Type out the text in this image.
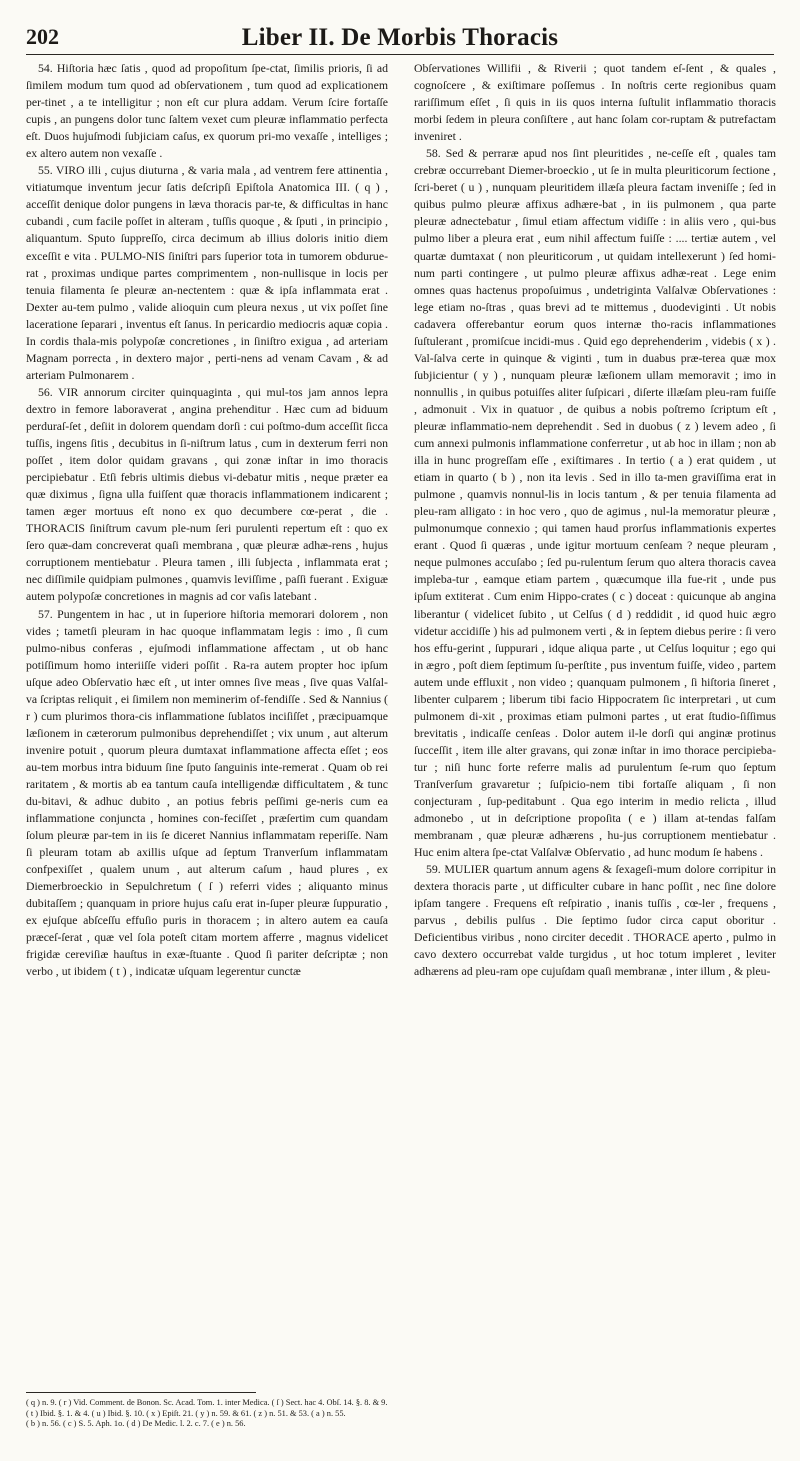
202	Liber II. De Morbis Thoracis

54. Hiſtoria hæc ſatis , quod ad propoſitum ſpe-ctat, ſimilis prioris, ſi ad ſimilem modum tum quod ad obſervationem , tum quod ad explicationem per-tinet , a te intelligitur ; non eſt cur plura addam. Verum ſcire fortaſſe cupis , an pungens dolor tunc ſaltem vexet cum pleuræ inflammatio perfecta eſt. Duos hujuſmodi ſubjiciam caſus, ex quorum pri-mo vexaſſe , intelliges ; ex altero autem non vexaſſe .

55. VIRO illi , cujus diuturna , & varia mala , ad ventrem fere attinentia , vitiatumque inventum jecur ſatis deſcripſi Epiſtola Anatomica III. ( q ) , acceſſit denique dolor pungens in læva thoracis par-te, & difficultas in hanc cubandi , cum facile poſſet in alteram , tuſſis quoque , & ſputi , in principio , aliquantum. Sputo ſuppreſſo, circa decimum ab illius doloris initio diem exceſſit e vita . PULMO-NIS ſiniſtri pars ſuperior tota in tumorem obdurue-rat , proximas undique partes comprimentem , non-nullisque in locis per tenuia filamenta ſe pleuræ an-nectentem : quæ & ipſa inflammata erat . Dexter au-tem pulmo , valide alioquin cum pleura nexus , ut vix poſſet ſine laceratione ſeparari , inventus eſt ſanus. In pericardio mediocris aquæ copia . In cordis thala-mis polypoſæ concretiones , in ſiniſtro exigua , ad arteriam Magnam porrecta , in dextero major , perti-nens ad venam Cavam , & ad arteriam Pulmonarem .

56. VIR annorum circiter quinquaginta , qui mul-tos jam annos lepra dextro in femore laboraverat , angina prehenditur . Hæc cum ad biduum perduraſ-ſet , deſiit in dolorem quendam dorſi : cui poſtmo-dum acceſſit ſicca tuſſis, ingens ſitis , decubitus in ſi-niſtrum latus , cum in dexterum ferri non poſſet , item dolor quidam gravans , qui zonæ inſtar in imo thoracis percipiebatur . Etſi febris ultimis diebus vi-debatur mitis , neque præter ea quæ diximus , ſigna ulla fuiſſent quæ thoracis inflammationem indicarent ; tamen æger mortuus eſt nono ex quo decumbere cœ-perat , die . THORACIS ſiniſtrum cavum ple-num ſeri purulenti repertum eſt : quo ex ſero quæ-dam concreverat quaſi membrana , quæ pleuræ adhæ-rens , hujus corruptionem mentiebatur . Pleura tamen , illi ſubjecta , inflammata erat ; nec diſſimile quidpiam pulmones , quamvis leviſſime , paſſi fuerant . Exiguæ autem polypoſæ concretiones in magnis ad cor vaſis latebant .

57. Pungentem in hac , ut in ſuperiore hiſtoria memorari dolorem , non vides ; tametſi pleuram in hac quoque inflammatam legis : imo , ſi cum pulmo-nibus conferas , ejuſmodi inflammatione affectam , ut ob hanc potiſſimum homo interiiſſe videri poſſit . Ra-ra autem propter hoc ipſum uſque adeo Obſervatio hæc eſt , ut inter omnes ſive meas , ſive quas Valſal-va ſcriptas reliquit , ei ſimilem non meminerim of-fendiſſe . Sed & Nannius ( r ) cum plurimos thora-cis inflammatione ſublatos inciſiſſet , præcipuamque læſionem in cæterorum pulmonibus deprehendiſſet ; vix unum , aut alterum invenire potuit , quorum pleura dumtaxat inflammatione affecta eſſet ; eos au-tem morbus intra biduum ſine ſputo ſanguinis inte-remerat . Quam ob rei raritatem , & mortis ab ea tantum cauſa intelligendæ difficultatem , & tunc du-bitavi, & adhuc dubito , an potius febris peſſimi ge-neris cum ea inflammatione conjuncta , homines con-feciſſet , præſertim cum quandam ſolum pleuræ par-tem in iis ſe diceret Nannius inflammatam reperiſſe. Nam ſi pleuram totam ab axillis uſque ad ſeptum Tranverſum inflammatam confpexiſſet , qualem unum , aut alterum caſum , haud plures , ex Diemerbroeckio in Sepulchretum ( ſ ) referri vides ; aliquanto minus dubitaſſem ; quanquam in priore hujus caſu erat in-ſuper pleuræ ſuppuratio , ex ejuſque abſceſſu effuſio puris in thoracem ; in altero autem ea cauſa præceſ-ſerat , quæ vel ſola poteſt citam mortem afferre , magnus videlicet frigidæ cereviſiæ hauſtus in exæ-ſtuante . Quod ſi pariter deſcriptæ ; non verbo , ut ibidem ( t ) , indicatæ uſquam legerentur cunctæ

Obſervationes Willifii , & Riverii ; quot tandem eſ-ſent , & quales , cognoſcere , & exiſtimare poſſemus . In noſtris certe regionibus quam rariſſimum eſſet , ſi quis in iis quos interna ſuſtulit inflammatio thoracis morbi ſedem in pleura conſiſtere , aut hanc ſolam cor-ruptam & putrefactam inveniret .

58. Sed & perraræ apud nos ſint pleuritides , ne-ceſſe eſt , quales tam crebræ occurrebant Diemer-broeckio , ut ſe in multa pleuriticorum ſectione , ſcri-beret ( u ) , nunquam pleuritidem illæſa pleura factam inveniſſe ; ſed in quibus pulmo pleuræ affixus adhære-bat , in iis pulmonem , qua parte pleuræ adnectebatur , ſimul etiam affectum vidiſſe : in aliis vero , qui-bus pulmo liber a pleura erat , eum nihil affectum fuiſſe : .... tertiæ autem , vel quartæ dumtaxat ( non pleuriticorum , ut quidam intellexerunt ) ſed homi-num parti contingere , ut pulmo pleuræ affixus adhæ-reat . Lege enim omnes quas hactenus propoſuimus , undetriginta Valſalvæ Obſervationes : lege etiam no-ſtras , quas brevi ad te mittemus , duodeviginti . Ut nobis cadavera offerebantur eorum quos internæ tho-racis inflammationes ſuſtulerant , promiſcue incidi-mus . Quid ego deprehenderim , videbis ( x ) . Val-ſalva certe in quinque & viginti , tum in duabus præ-terea quæ mox ſubjicientur ( y ) , nunquam pleuræ læſionem ullam memoravit ; imo in nonnullis , in quibus potuiſſes aliter ſuſpicari , diſerte illæſam pleu-ram fuiſſe , admonuit . Vix in quatuor , de quibus a nobis poſtremo ſcriptum eſt , pleuræ inflammatio-nem deprehendit . Sed in duobus ( z ) levem adeo , ſi cum annexi pulmonis inflammatione conferretur , ut ab hoc in illam ; non ab illa in hunc progreſſam eſſe , exiſtimares . In tertio ( a ) erat quidem , ut etiam in quarto ( b ) , non ita levis . Sed in illo ta-men graviſſima erat in pulmone , quamvis nonnul-lis in locis tantum , & per tenuia filamenta ad pleu-ram alligato : in hoc vero , quo de agimus , nul-la memoratur pleuræ , pulmonumque connexio ; qui tamen haud prorſus inflammationis expertes erant . Quod ſi quæras , unde igitur mortuum cenſeam ? neque pleuram , neque pulmones accuſabo ; ſed pu-rulentum ſerum quo altera thoracis cavea impleba-tur , eamque etiam partem , quæcumque illa fue-rit , unde pus ipſum extiterat . Cum enim Hippo-crates ( c ) doceat : quicunque ab angina liberantur ( videlicet ſubito , ut Celſus ( d ) reddidit , id quod huic ægro videtur accidiſſe ) his ad pulmonem verti , & in ſeptem diebus perire : ſi vero hos effu-gerint , ſuppurari , idque aliqua parte , ut Celſus loquitur ; ego qui in ægro , poſt diem ſeptimum ſu-perſtite , pus inventum fuiſſe, video , partem autem unde effluxit , non video ; quanquam pulmonem , ſi hiſtoria ſineret , libenter culparem ; liberum tibi facio Hippocratem ſic interpretari , ut cum pulmonem di-xit , proximas etiam pulmoni partes , ut erat ſtudio-ſiſſimus brevitatis , indicaſſe cenſeas . Dolor autem il-le dorſi qui anginæ protinus ſucceſſit , item ille alter gravans, qui zonæ inſtar in imo thorace percipieba-tur ; niſi hunc forte referre malis ad purulentum ſe-rum quo ſeptum Tranſverſum gravaretur ; ſuſpicio-nem tibi fortaſſe aliquam , ſi non conjecturam , ſup-peditabunt . Qua ego interim in medio relicta , illud admonebo , ut in deſcriptione propoſita ( e ) illam at-tendas falſam membranam , quæ pleuræ adhærens , hu-jus corruptionem mentiebatur . Huc enim altera ſpe-ctat Valſalvæ Obſervatio , ad hunc modum ſe habens .

59. MULIER quartum annum agens & ſexageſi-mum dolore corripitur in dextera thoracis parte , ut difficulter cubare in hanc poſſit , nec ſine dolore ipſam tangere . Frequens eſt reſpiratio , inanis tuſſis , cœ-ler , frequens , parvus , debilis pulſus . Die ſeptimo ſudor circa caput oboritur . Deficientibus viribus , nono circiter decedit . THORACE aperto , pulmo in cavo dextero occurrebat valde turgidus , ut hoc totum impleret , leviter adhærens ad pleu-ram ope cujuſdam quaſi membranæ , inter illum , & pleu-

( q ) n. 9. ( r ) Vid. Comment. de Bonon. Sc. Acad. Tom. 1. inter Medica. ( ſ ) Sect. hac 4. Obſ. 14. §. 8. & 9.
( t ) Ibid. §. 1. & 4. ( u ) Ibid. §. 10. ( x ) Epiſt. 21. ( y ) n. 59. & 61. ( z ) n. 51. & 53. ( a ) n. 55.
( b ) n. 56. ( c ) S. 5. Aph. 1o. ( d ) De Medic. l. 2. c. 7. ( e ) n. 56.
